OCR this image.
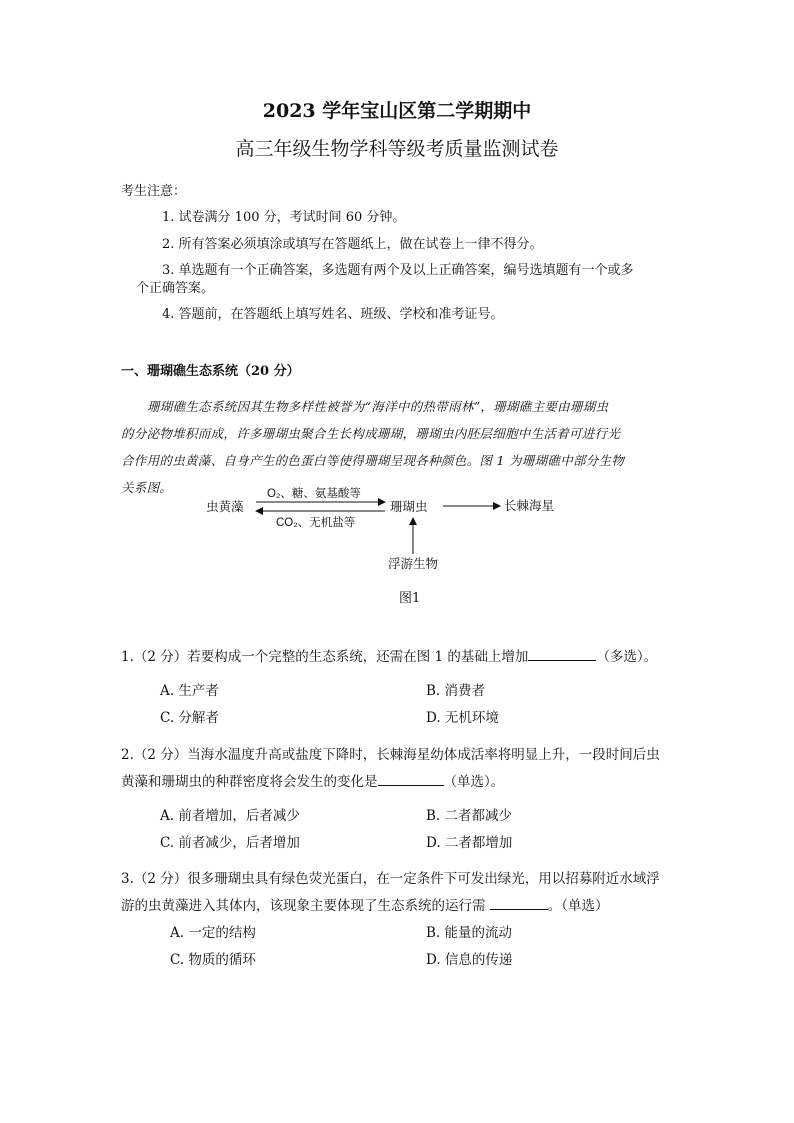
2023 学年宝山区第二学期期中
高三年级生物学科等级考质量监测试卷
考生注意：
1. 试卷满分 100 分，考试时间 60 分钟。
2. 所有答案必须填涂或填写在答题纸上，做在试卷上一律不得分。
3. 单选题有一个正确答案，多选题有两个及以上正确答案，编号选填题有一个或多
个正确答案。
4. 答题前，在答题纸上填写姓名、班级、学校和准考证号。
一、珊瑚礁生态系统（20 分）
珊瑚礁生态系统因其生物多样性被誉为“海洋中的热带雨林”，珊瑚礁主要由珊瑚虫
的分泌物堆积而成，许多珊瑚虫聚合生长构成珊瑚，珊瑚虫内胚层细胞中生活着可进行光
合作用的虫黄藻、自身产生的色蛋白等使得珊瑚呈现各种颜色。图 1 为珊瑚礁中部分生物
关系图。
虫黄藻
O₂、糖、氨基酸等
CO₂、无机盐等
珊瑚虫	长棘海星
浮游生物
图1
1.（2 分）若要构成一个完整的生态系统，还需在图 1 的基础上增加	（多选）。
A. 生产者	B. 消费者
C. 分解者	D. 无机环境
2.（2 分）当海水温度升高或盐度下降时，长棘海星幼体成活率将明显上升，一段时间后虫
黄藻和珊瑚虫的种群密度将会发生的变化是	（单选）。
A. 前者增加，后者减少	B. 二者都减少
C. 前者减少，后者增加	D. 二者都增加
3.（2 分）很多珊瑚虫具有绿色荧光蛋白，在一定条件下可发出绿光，用以招募附近水域浮
游的虫黄藻进入其体内，该现象主要体现了生态系统的运行需	。（单选）
A. 一定的结构	B. 能量的流动
C. 物质的循环	D. 信息的传递
